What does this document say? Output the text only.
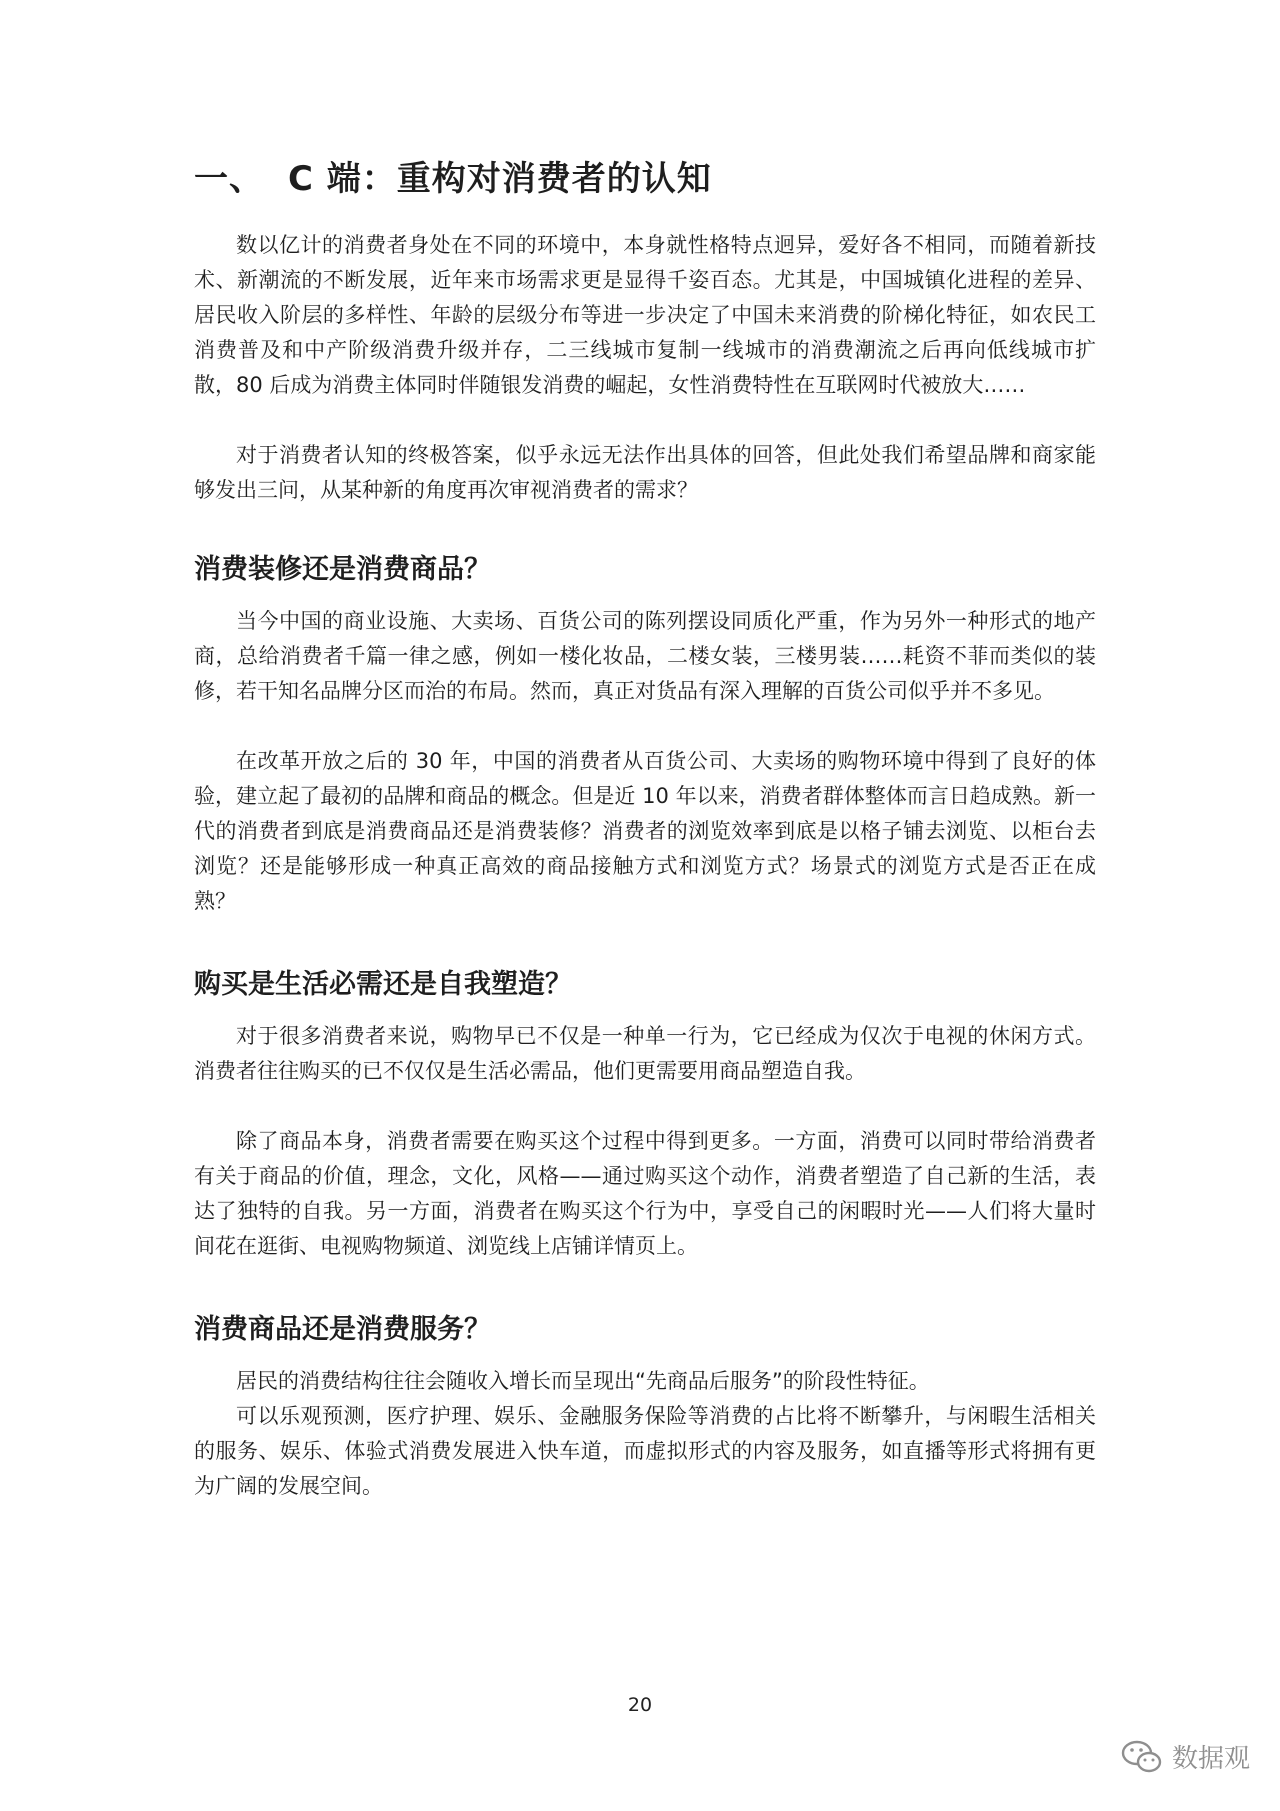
一、 C 端：重构对消费者的认知

数以亿计的消费者身处在不同的环境中，本身就性格特点迥异，爱好各不相同，而随着新技术、新潮流的不断发展，近年来市场需求更是显得千姿百态。尤其是，中国城镇化进程的差异、居民收入阶层的多样性、年龄的层级分布等进一步决定了中国未来消费的阶梯化特征，如农民工消费普及和中产阶级消费升级并存，二三线城市复制一线城市的消费潮流之后再向低线城市扩散，80 后成为消费主体同时伴随银发消费的崛起，女性消费特性在互联网时代被放大……

对于消费者认知的终极答案，似乎永远无法作出具体的回答，但此处我们希望品牌和商家能够发出三问，从某种新的角度再次审视消费者的需求？

消费装修还是消费商品？

当今中国的商业设施、大卖场、百货公司的陈列摆设同质化严重，作为另外一种形式的地产商，总给消费者千篇一律之感，例如一楼化妆品，二楼女装，三楼男装……耗资不菲而类似的装修，若干知名品牌分区而治的布局。然而，真正对货品有深入理解的百货公司似乎并不多见。

在改革开放之后的 30 年，中国的消费者从百货公司、大卖场的购物环境中得到了良好的体验，建立起了最初的品牌和商品的概念。但是近 10 年以来，消费者群体整体而言日趋成熟。新一代的消费者到底是消费商品还是消费装修？消费者的浏览效率到底是以格子铺去浏览、以柜台去浏览？还是能够形成一种真正高效的商品接触方式和浏览方式？场景式的浏览方式是否正在成熟？

购买是生活必需还是自我塑造？

对于很多消费者来说，购物早已不仅是一种单一行为，它已经成为仅次于电视的休闲方式。消费者往往购买的已不仅仅是生活必需品，他们更需要用商品塑造自我。

除了商品本身，消费者需要在购买这个过程中得到更多。一方面，消费可以同时带给消费者有关于商品的价值，理念，文化，风格——通过购买这个动作，消费者塑造了自己新的生活，表达了独特的自我。另一方面，消费者在购买这个行为中，享受自己的闲暇时光——人们将大量时间花在逛街、电视购物频道、浏览线上店铺详情页上。

消费商品还是消费服务？

居民的消费结构往往会随收入增长而呈现出“先商品后服务”的阶段性特征。

可以乐观预测，医疗护理、娱乐、金融服务保险等消费的占比将不断攀升，与闲暇生活相关的服务、娱乐、体验式消费发展进入快车道，而虚拟形式的内容及服务，如直播等形式将拥有更为广阔的发展空间。

20
数据观
